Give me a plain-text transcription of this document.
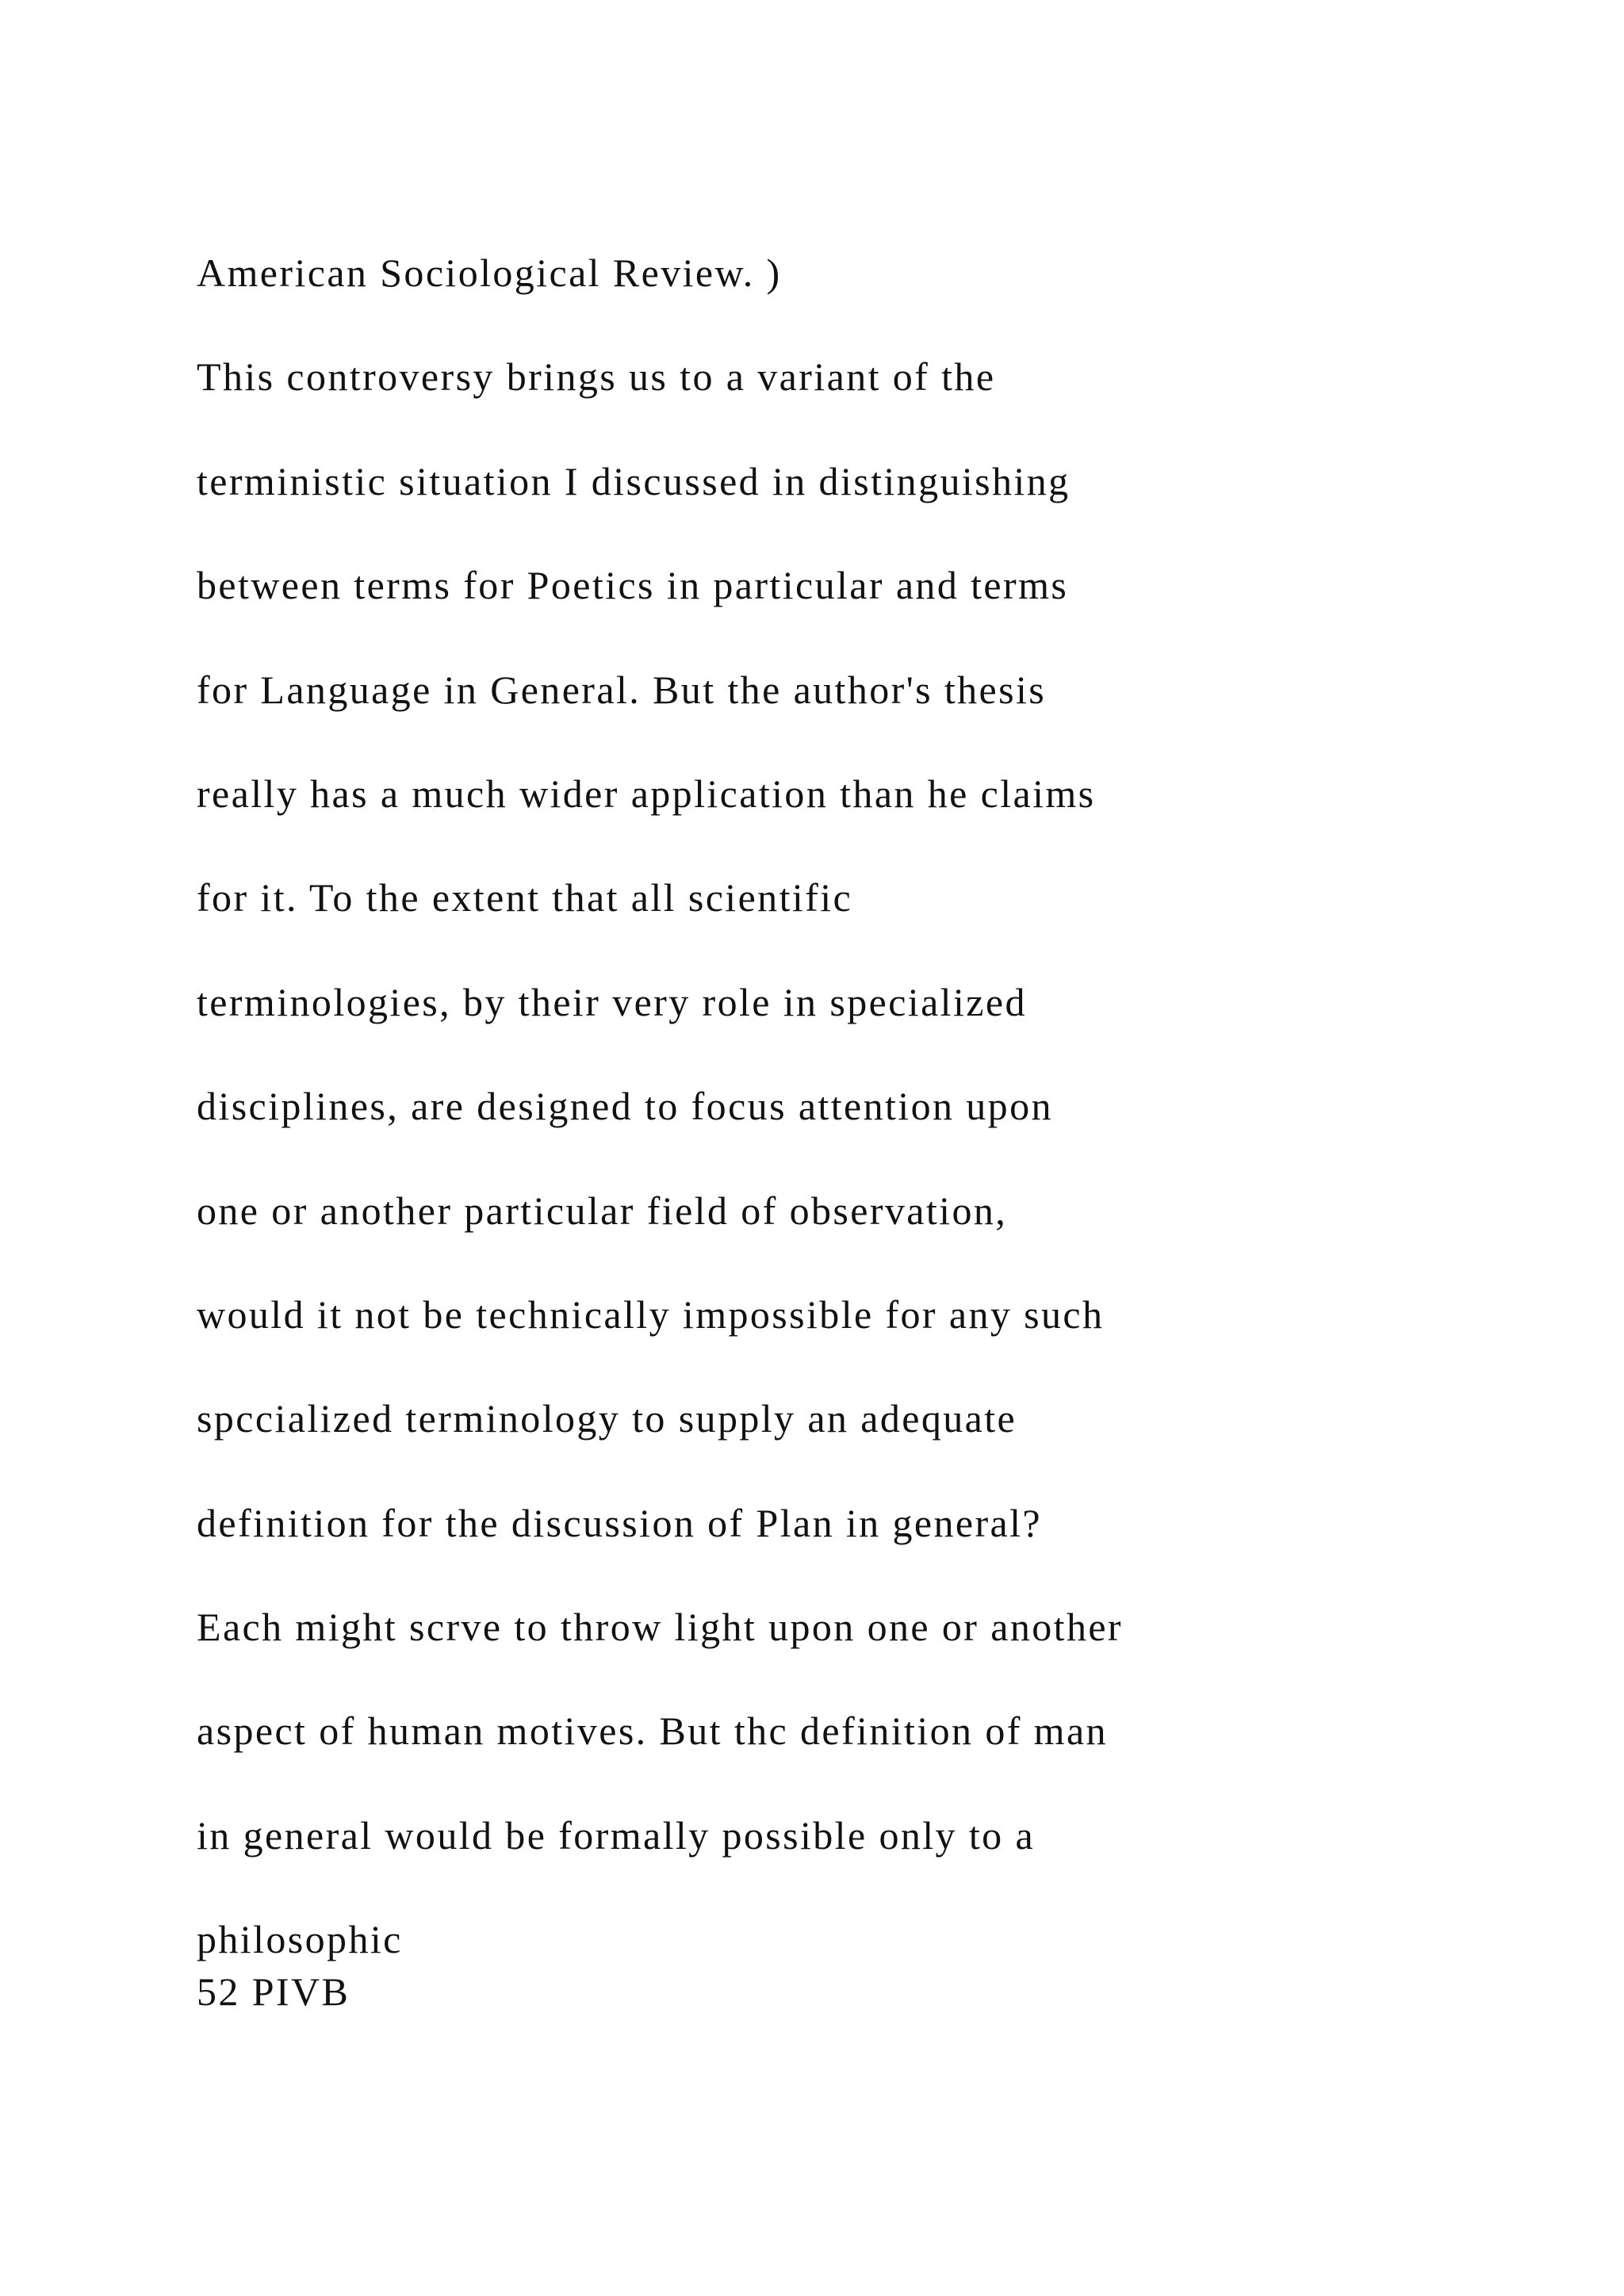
American Sociological Review. )
This controversy brings us to a variant of the
terministic situation I discussed in distinguishing
between terms for Poetics in particular and terms
for Language in General. But the author's thesis
really has a much wider application than he claims
for it. To the extent that all scientific
terminologies, by their very role in specialized
disciplines, are designed to focus attention upon
one or another particular field of observation,
would it not be technically impossible for any such
spccialized terminology to supply an adequate
definition for the discussion of Plan in general?
Each might scrve to throw light upon one or another
aspect of human motives. But thc definition of man
in general would be formally possible only to a
philosophic
52 PIVB
